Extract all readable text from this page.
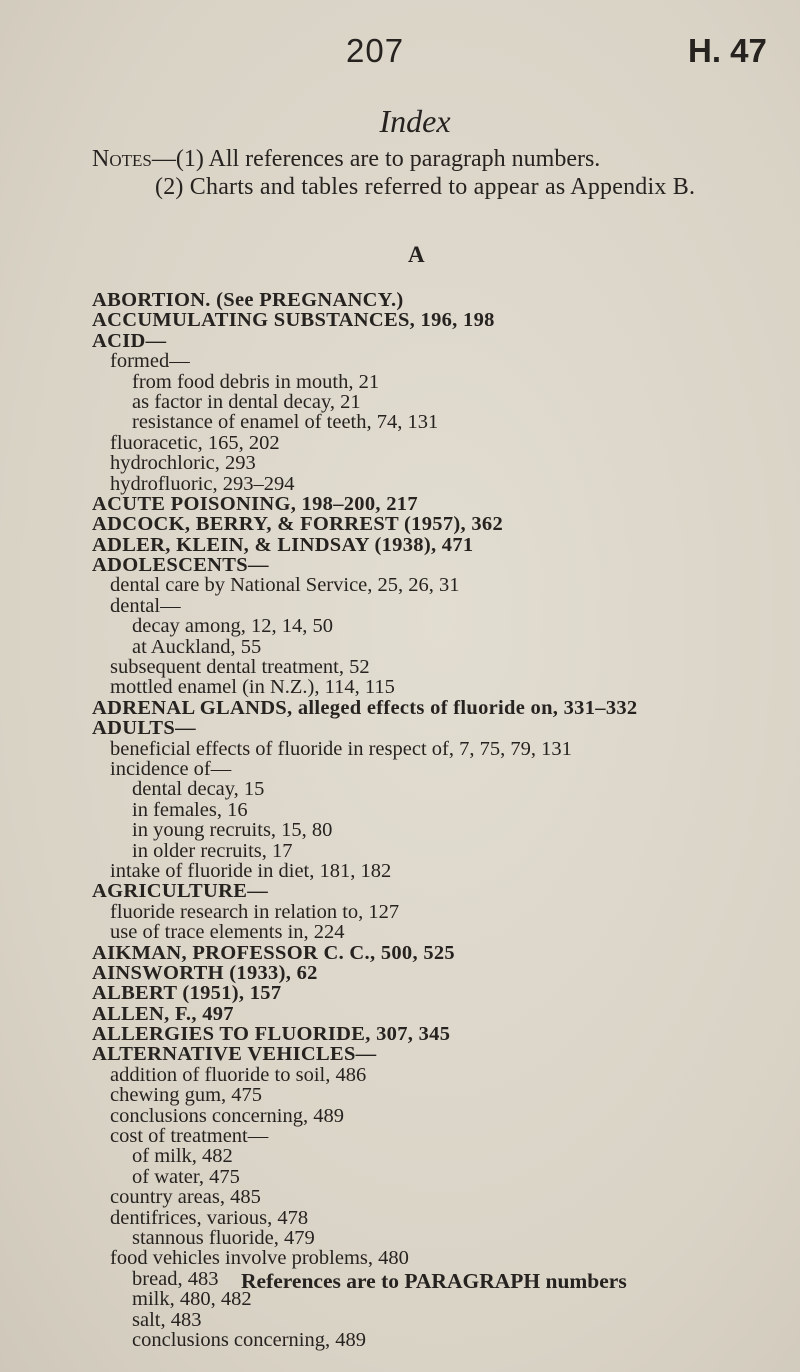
207	H. 47
Index
Notes—(1) All references are to paragraph numbers.
(2) Charts and tables referred to appear as Appendix B.
A
ABORTION. (See PREGNANCY.)
ACCUMULATING SUBSTANCES, 196, 198
ACID—
formed—
from food debris in mouth, 21
as factor in dental decay, 21
resistance of enamel of teeth, 74, 131
fluoracetic, 165, 202
hydrochloric, 293
hydrofluoric, 293–294
ACUTE POISONING, 198–200, 217
ADCOCK, BERRY, & FORREST (1957), 362
ADLER, KLEIN, & LINDSAY (1938), 471
ADOLESCENTS—
dental care by National Service, 25, 26, 31
dental—
decay among, 12, 14, 50
at Auckland, 55
subsequent dental treatment, 52
mottled enamel (in N.Z.), 114, 115
ADRENAL GLANDS, alleged effects of fluoride on, 331–332
ADULTS—
beneficial effects of fluoride in respect of, 7, 75, 79, 131
incidence of—
dental decay, 15
in females, 16
in young recruits, 15, 80
in older recruits, 17
intake of fluoride in diet, 181, 182
AGRICULTURE—
fluoride research in relation to, 127
use of trace elements in, 224
AIKMAN, PROFESSOR C. C., 500, 525
AINSWORTH (1933), 62
ALBERT (1951), 157
ALLEN, F., 497
ALLERGIES TO FLUORIDE, 307, 345
ALTERNATIVE VEHICLES—
addition of fluoride to soil, 486
chewing gum, 475
conclusions concerning, 489
cost of treatment—
of milk, 482
of water, 475
country areas, 485
dentifrices, various, 478
stannous fluoride, 479
food vehicles involve problems, 480
bread, 483
milk, 480, 482
salt, 483
conclusions concerning, 489
References are to PARAGRAPH numbers
